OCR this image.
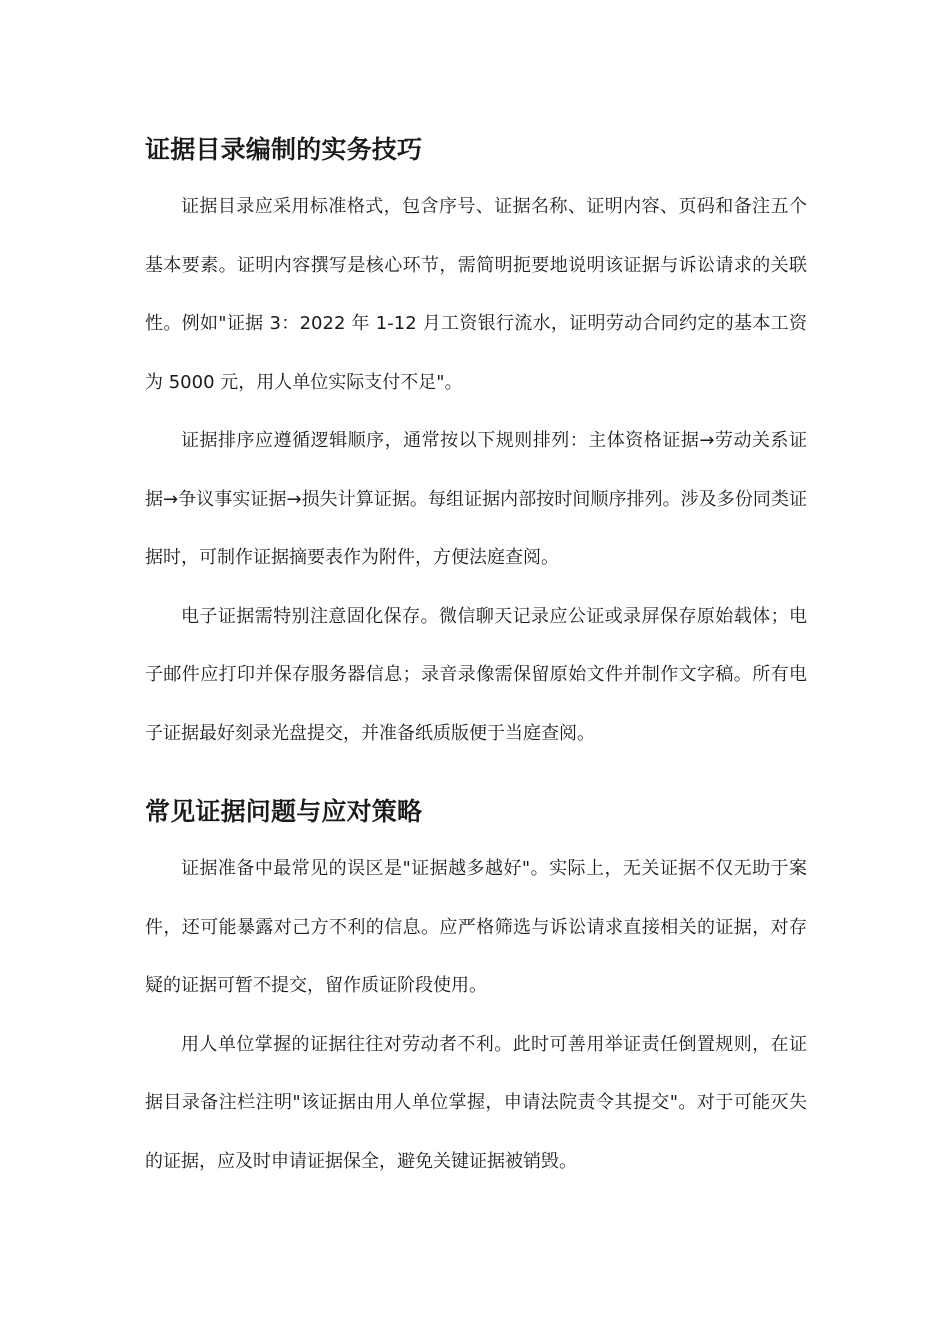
证据目录编制的实务技巧

证据目录应采用标准格式，包含序号、证据名称、证明内容、页码和备注五个基本要素。证明内容撰写是核心环节，需简明扼要地说明该证据与诉讼请求的关联性。例如"证据 3：2022 年 1-12 月工资银行流水，证明劳动合同约定的基本工资为 5000 元，用人单位实际支付不足"。

证据排序应遵循逻辑顺序，通常按以下规则排列：主体资格证据→劳动关系证据→争议事实证据→损失计算证据。每组证据内部按时间顺序排列。涉及多份同类证据时，可制作证据摘要表作为附件，方便法庭查阅。

电子证据需特别注意固化保存。微信聊天记录应公证或录屏保存原始载体；电子邮件应打印并保存服务器信息；录音录像需保留原始文件并制作文字稿。所有电子证据最好刻录光盘提交，并准备纸质版便于当庭查阅。

常见证据问题与应对策略

证据准备中最常见的误区是"证据越多越好"。实际上，无关证据不仅无助于案件，还可能暴露对己方不利的信息。应严格筛选与诉讼请求直接相关的证据，对存疑的证据可暂不提交，留作质证阶段使用。

用人单位掌握的证据往往对劳动者不利。此时可善用举证责任倒置规则，在证据目录备注栏注明"该证据由用人单位掌握，申请法院责令其提交"。对于可能灭失的证据，应及时申请证据保全，避免关键证据被销毁。
